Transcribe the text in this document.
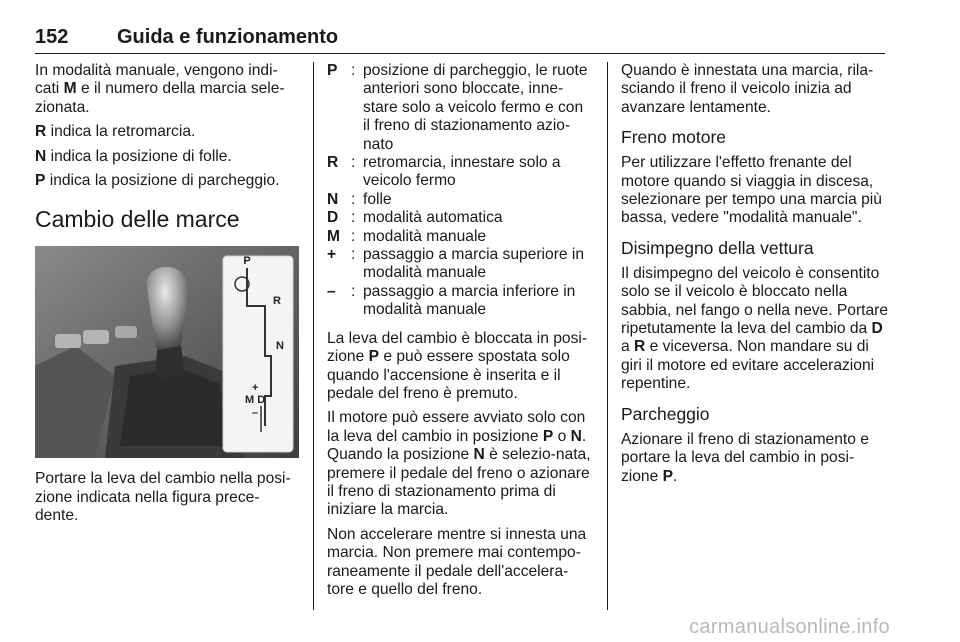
152 Guida e funzionamento

In modalità manuale, vengono indi-cati M e il numero della marcia sele-zionata.

R indica la retromarcia.

N indica la posizione di folle.

P indica la posizione di parcheggio.

Cambio delle marce
P
R
N
+
M D
–

Portare la leva del cambio nella posi-zione indicata nella figura prece-dente.

P : posizione di parcheggio, le ruote anteriori sono bloccate, inne-stare solo a veicolo fermo e con il freno di stazionamento azio-nato
R : retromarcia, innestare solo a veicolo fermo
N : folle
D : modalità automatica
M : modalità manuale
+ : passaggio a marcia superiore in modalità manuale
– : passaggio a marcia inferiore in modalità manuale

La leva del cambio è bloccata in posi-zione P e può essere spostata solo quando l'accensione è inserita e il pedale del freno è premuto.

Il motore può essere avviato solo con la leva del cambio in posizione P o N. Quando la posizione N è selezio-nata, premere il pedale del freno o azionare il freno di stazionamento prima di iniziare la marcia.

Non accelerare mentre si innesta una marcia. Non premere mai contempo-raneamente il pedale dell'accelera-tore e quello del freno.

Quando è innestata una marcia, rila-sciando il freno il veicolo inizia ad avanzare lentamente.

Freno motore

Per utilizzare l'effetto frenante del motore quando si viaggia in discesa, selezionare per tempo una marcia più bassa, vedere "modalità manuale".

Disimpegno della vettura

Il disimpegno del veicolo è consentito solo se il veicolo è bloccato nella sabbia, nel fango o nella neve. Portare ripetutamente la leva del cambio da D a R e viceversa. Non mandare su di giri il motore ed evitare accelerazioni repentine.

Parcheggio

Azionare il freno di stazionamento e portare la leva del cambio in posi-zione P.

carmanualsonline.info
